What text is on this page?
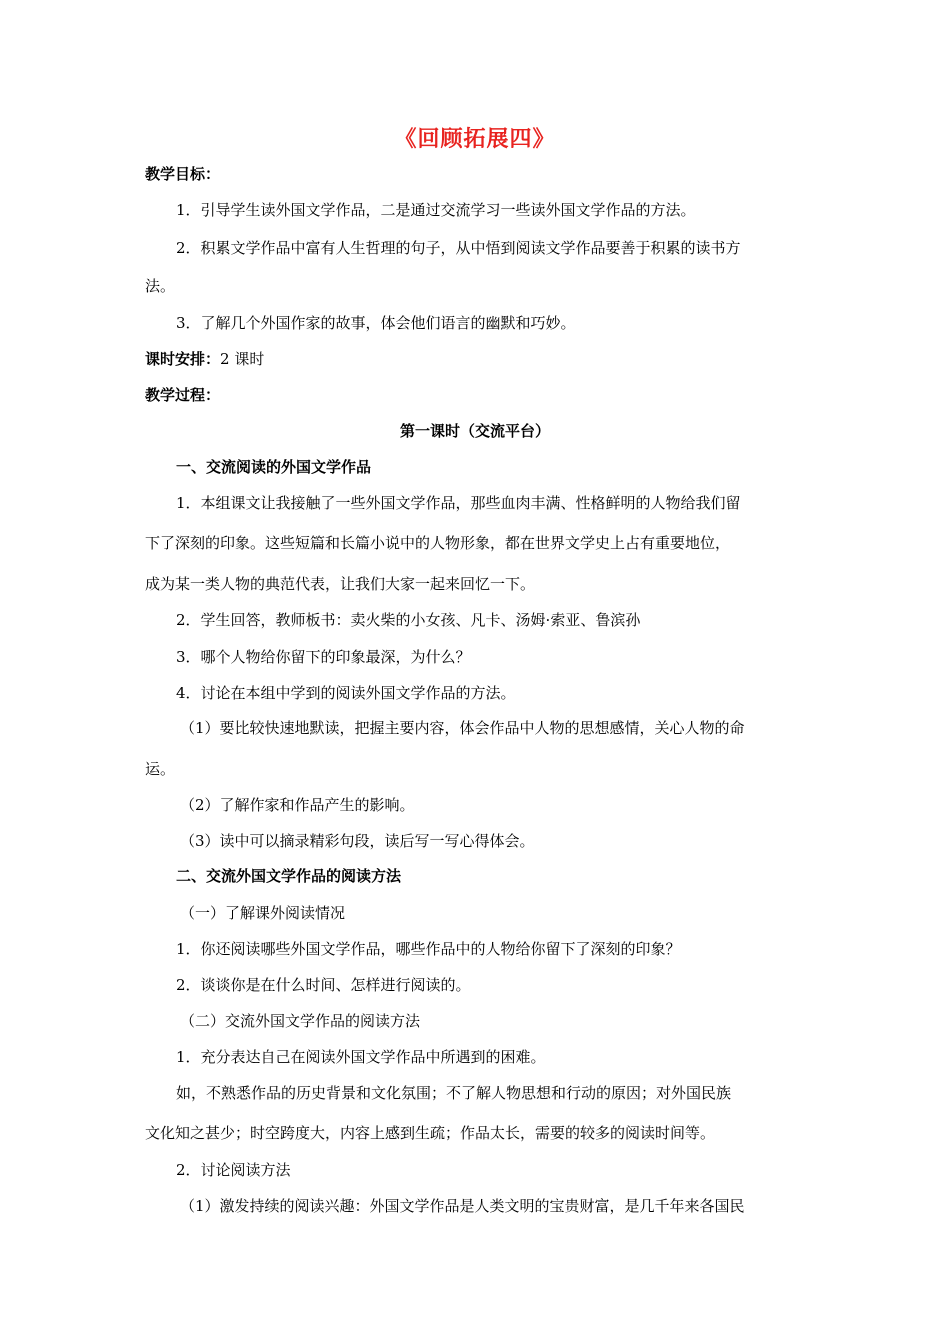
《回顾拓展四》
教学目标：
1．引导学生读外国文学作品，二是通过交流学习一些读外国文学作品的方法。
2．积累文学作品中富有人生哲理的句子，从中悟到阅读文学作品要善于积累的读书方
法。
3．了解几个外国作家的故事，体会他们语言的幽默和巧妙。
课时安排：2 课时
教学过程：
第一课时（交流平台）
一、交流阅读的外国文学作品
1．本组课文让我接触了一些外国文学作品，那些血肉丰满、性格鲜明的人物给我们留
下了深刻的印象。这些短篇和长篇小说中的人物形象，都在世界文学史上占有重要地位，
成为某一类人物的典范代表，让我们大家一起来回忆一下。
2．学生回答，教师板书：卖火柴的小女孩、凡卡、汤姆·索亚、鲁滨孙
3．哪个人物给你留下的印象最深，为什么？
4．讨论在本组中学到的阅读外国文学作品的方法。
（1）要比较快速地默读，把握主要内容，体会作品中人物的思想感情，关心人物的命
运。
（2）了解作家和作品产生的影响。
（3）读中可以摘录精彩句段，读后写一写心得体会。
二、交流外国文学作品的阅读方法
（一）了解课外阅读情况
1．你还阅读哪些外国文学作品，哪些作品中的人物给你留下了深刻的印象？
2．谈谈你是在什么时间、怎样进行阅读的。
（二）交流外国文学作品的阅读方法
1．充分表达自己在阅读外国文学作品中所遇到的困难。
如，不熟悉作品的历史背景和文化氛围；不了解人物思想和行动的原因；对外国民族
文化知之甚少；时空跨度大，内容上感到生疏；作品太长，需要的较多的阅读时间等。
2．讨论阅读方法
（1）激发持续的阅读兴趣：外国文学作品是人类文明的宝贵财富，是几千年来各国民
